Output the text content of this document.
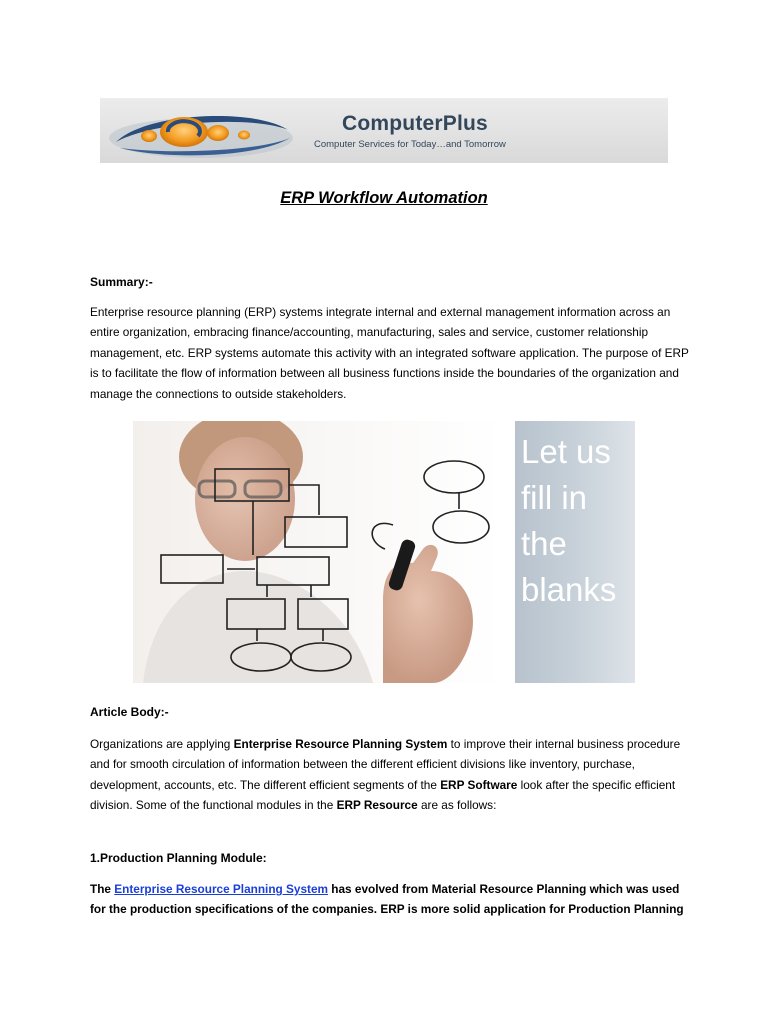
ComputerPlus
Computer Services for Today…and Tomorrow
ERP Workflow Automation
Summary:-
Enterprise resource planning (ERP) systems integrate internal and external management information across an entire organization, embracing finance/accounting, manufacturing, sales and service, customer relationship management, etc. ERP systems automate this activity with an integrated software application. The purpose of ERP is to facilitate the flow of information between all business functions inside the boundaries of the organization and manage the connections to outside stakeholders.
Let us
fill in
the
blanks
Article Body:-
Organizations are applying Enterprise Resource Planning System to improve their internal business procedure and for smooth circulation of information between the different efficient divisions like inventory, purchase, development, accounts, etc. The different efficient segments of the ERP Software look after the specific efficient division. Some of the functional modules in the ERP Resource are as follows:
1.Production Planning Module:
The Enterprise Resource Planning System has evolved from Material Resource Planning which was used for the production specifications of the companies. ERP is more solid application for Production Planning
